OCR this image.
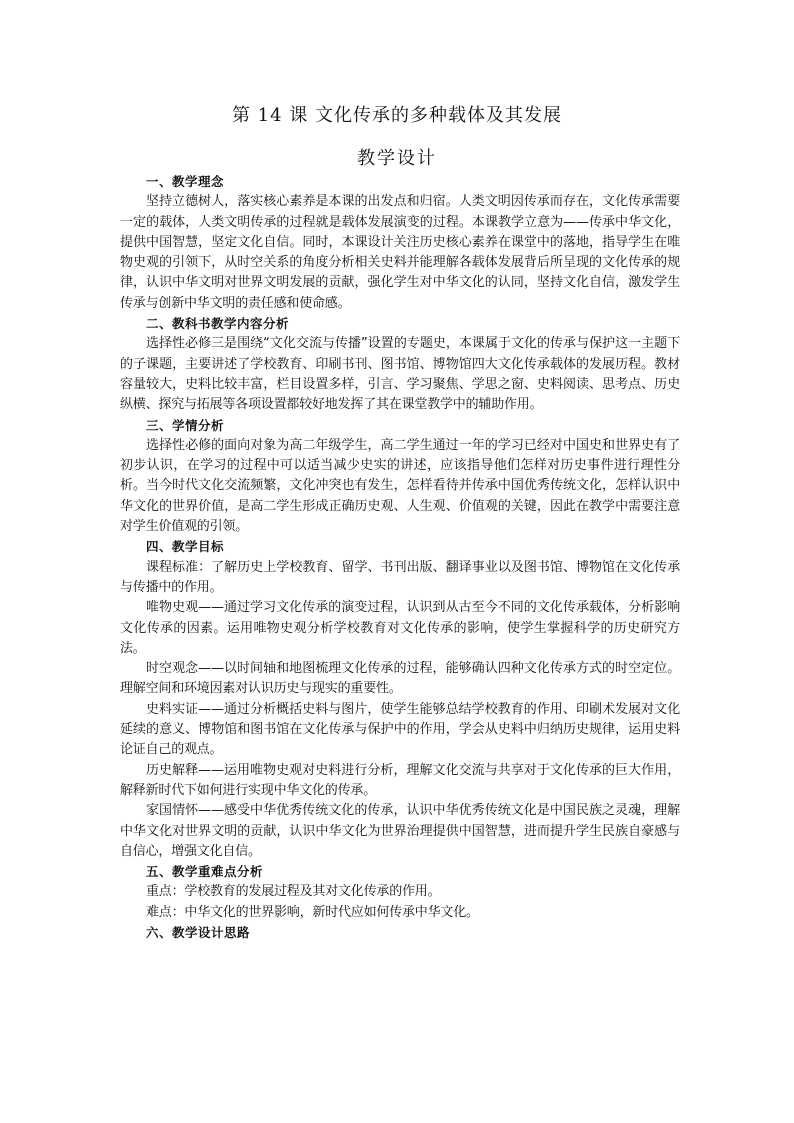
第 14 课 文化传承的多种载体及其发展
教学设计

一、教学理念

坚持立德树人，落实核心素养是本课的出发点和归宿。人类文明因传承而存在，文化传承需要一定的载体，人类文明传承的过程就是载体发展演变的过程。本课教学立意为——传承中华文化，提供中国智慧，坚定文化自信。同时，本课设计关注历史核心素养在课堂中的落地，指导学生在唯物史观的引领下，从时空关系的角度分析相关史料并能理解各载体发展背后所呈现的文化传承的规律，认识中华文明对世界文明发展的贡献，强化学生对中华文化的认同，坚持文化自信，激发学生传承与创新中华文明的责任感和使命感。

二、教科书教学内容分析

选择性必修三是围绕“文化交流与传播”设置的专题史，本课属于文化的传承与保护这一主题下的子课题，主要讲述了学校教育、印刷书刊、图书馆、博物馆四大文化传承载体的发展历程。教材容量较大，史料比较丰富，栏目设置多样，引言、学习聚焦、学思之窗、史料阅读、思考点、历史纵横、探究与拓展等各项设置都较好地发挥了其在课堂教学中的辅助作用。

三、学情分析

选择性必修的面向对象为高二年级学生，高二学生通过一年的学习已经对中国史和世界史有了初步认识，在学习的过程中可以适当减少史实的讲述，应该指导他们怎样对历史事件进行理性分析。当今时代文化交流频繁，文化冲突也有发生，怎样看待并传承中国优秀传统文化，怎样认识中华文化的世界价值，是高二学生形成正确历史观、人生观、价值观的关键，因此在教学中需要注意对学生价值观的引领。

四、教学目标

课程标准：了解历史上学校教育、留学、书刊出版、翻译事业以及图书馆、博物馆在文化传承与传播中的作用。

唯物史观——通过学习文化传承的演变过程，认识到从古至今不同的文化传承载体，分析影响文化传承的因素。运用唯物史观分析学校教育对文化传承的影响，使学生掌握科学的历史研究方法。

时空观念——以时间轴和地图梳理文化传承的过程，能够确认四种文化传承方式的时空定位。理解空间和环境因素对认识历史与现实的重要性。

史料实证——通过分析概括史料与图片，使学生能够总结学校教育的作用、印刷术发展对文化延续的意义、博物馆和图书馆在文化传承与保护中的作用，学会从史料中归纳历史规律，运用史料论证自己的观点。

历史解释——运用唯物史观对史料进行分析，理解文化交流与共享对于文化传承的巨大作用，解释新时代下如何进行实现中华文化的传承。

家国情怀——感受中华优秀传统文化的传承，认识中华优秀传统文化是中国民族之灵魂，理解中华文化对世界文明的贡献，认识中华文化为世界治理提供中国智慧，进而提升学生民族自豪感与自信心，增强文化自信。

五、教学重难点分析

重点：学校教育的发展过程及其对文化传承的作用。

难点：中华文化的世界影响，新时代应如何传承中华文化。

六、教学设计思路
